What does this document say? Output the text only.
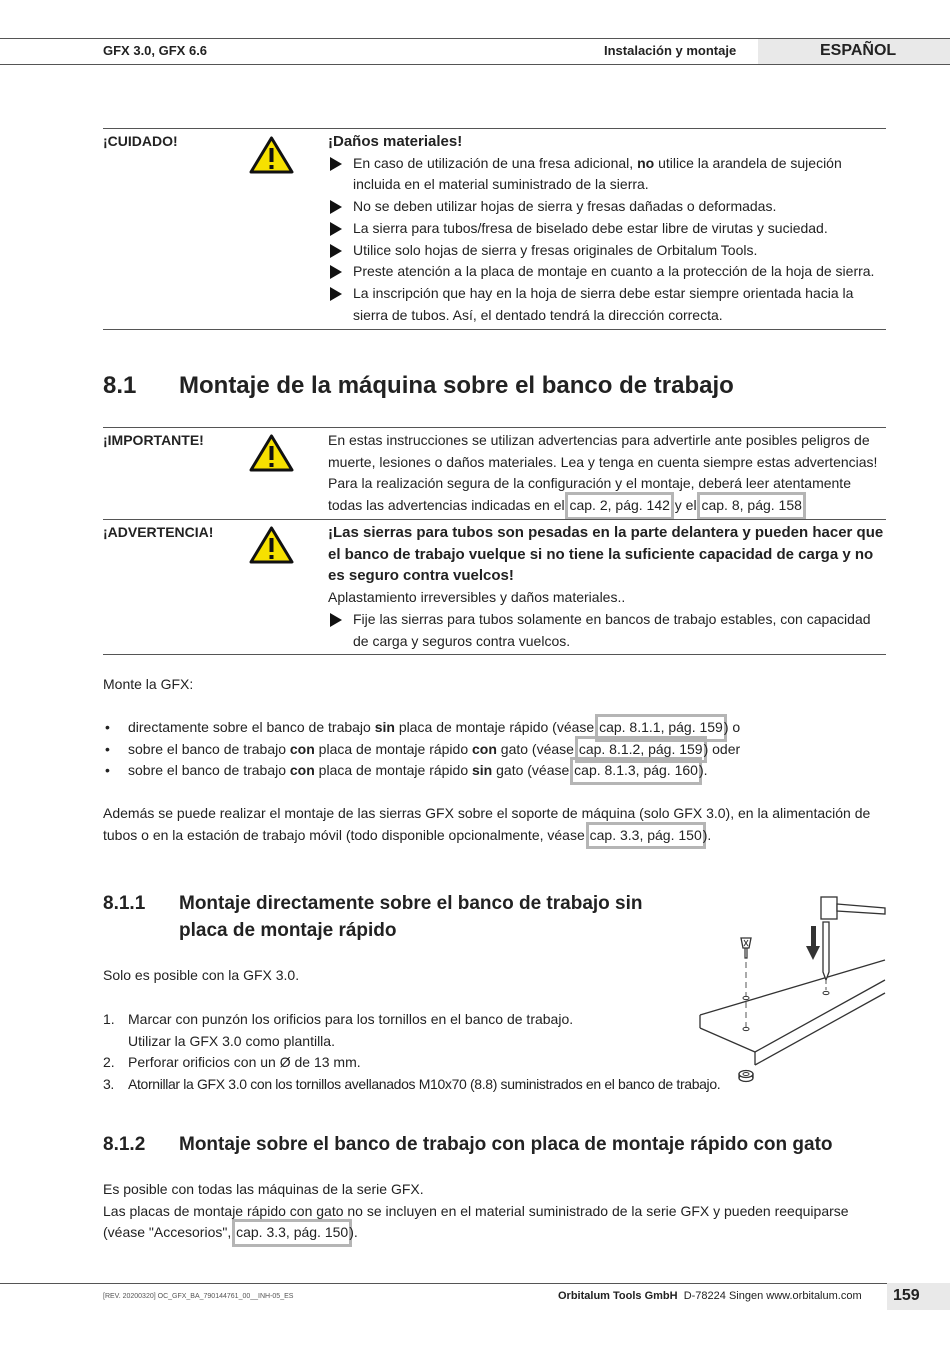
GFX 3.0, GFX 6.6	Instalación y montaje	ESPAÑOL
¡CUIDADO!	¡Daños materiales!
En caso de utilización de una fresa adicional, no utilice la arandela de sujeción incluida en el material suministrado de la sierra.
No se deben utilizar hojas de sierra y fresas dañadas o deformadas.
La sierra para tubos/fresa de biselado debe estar libre de virutas y suciedad.
Utilice solo hojas de sierra y fresas originales de Orbitalum Tools.
Preste atención a la placa de montaje en cuanto a la protección de la hoja de sierra.
La inscripción que hay en la hoja de sierra debe estar siempre orientada hacia la sierra de tubos. Así, el dentado tendrá la dirección correcta.
8.1 Montaje de la máquina sobre el banco de trabajo
¡IMPORTANTE!	En estas instrucciones se utilizan advertencias para advertirle ante posibles peligros de muerte, lesiones o daños materiales. Lea y tenga en cuenta siempre estas advertencias! Para la realización segura de la configuración y el montaje, deberá leer atentamente todas las advertencias indicadas en el cap. 2, pág. 142 y el cap. 8, pág. 158
¡ADVERTENCIA!	¡Las sierras para tubos son pesadas en la parte delantera y pueden hacer que el banco de trabajo vuelque si no tiene la suficiente capacidad de carga y no es seguro contra vuelcos!
Aplastamiento irreversibles y daños materiales..
Fije las sierras para tubos solamente en bancos de trabajo estables, con capacidad de carga y seguros contra vuelcos.
Monte la GFX:
• directamente sobre el banco de trabajo sin placa de montaje rápido (véase cap. 8.1.1, pág. 159) o
• sobre el banco de trabajo con placa de montaje rápido con gato (véase cap. 8.1.2, pág. 159) oder
• sobre el banco de trabajo con placa de montaje rápido sin gato (véase cap. 8.1.3, pág. 160).
Además se puede realizar el montaje de las sierras GFX sobre el soporte de máquina (solo GFX 3.0), en la alimentación de tubos o en la estación de trabajo móvil (todo disponible opcionalmente, véase cap. 3.3, pág. 150).
8.1.1 Montaje directamente sobre el banco de trabajo sin
placa de montaje rápido
Solo es posible con la GFX 3.0.
1. Marcar con punzón los orificios para los tornillos en el banco de trabajo.
Utilizar la GFX 3.0 como plantilla.
2. Perforar orificios con un Ø de 13 mm.
3. Atornillar la GFX 3.0 con los tornillos avellanados M10x70 (8.8) suministrados en el banco de trabajo.
8.1.2 Montaje sobre el banco de trabajo con placa de montaje rápido con gato
Es posible con todas las máquinas de la serie GFX.
Las placas de montaje rápido con gato no se incluyen en el material suministrado de la serie GFX y pueden reequiparse (véase "Accesorios", cap. 3.3, pág. 150).
[REV. 20200320] OC_GFX_BA_790144761_00__INH-05_ES	Orbitalum Tools GmbH D-78224 Singen www.orbitalum.com 159
